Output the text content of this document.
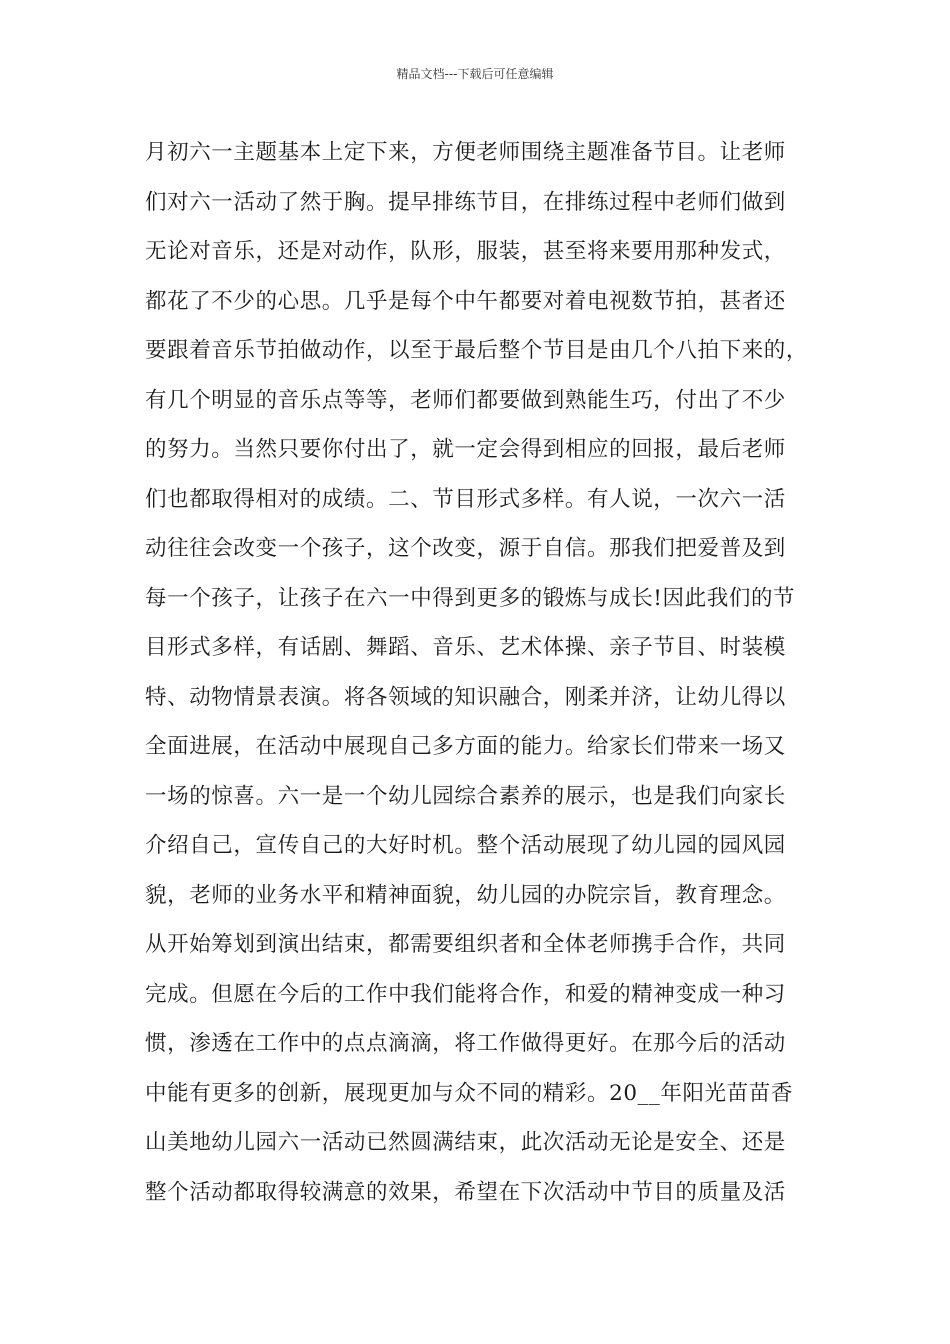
精品文档---下载后可任意编辑
月初六一主题基本上定下来，方便老师围绕主题准备节目。让老师
们对六一活动了然于胸。提早排练节目，在排练过程中老师们做到
无论对音乐，还是对动作，队形，服装，甚至将来要用那种发式，
都花了不少的心思。几乎是每个中午都要对着电视数节拍，甚者还
要跟着音乐节拍做动作，以至于最后整个节目是由几个八拍下来的，
有几个明显的音乐点等等，老师们都要做到熟能生巧，付出了不少
的努力。当然只要你付出了，就一定会得到相应的回报，最后老师
们也都取得相对的成绩。二、节目形式多样。有人说，一次六一活
动往往会改变一个孩子，这个改变，源于自信。那我们把爱普及到
每一个孩子，让孩子在六一中得到更多的锻炼与成长!因此我们的节
目形式多样，有话剧、舞蹈、音乐、艺术体操、亲子节目、时装模
特、动物情景表演。将各领域的知识融合，刚柔并济，让幼儿得以
全面进展，在活动中展现自己多方面的能力。给家长们带来一场又
一场的惊喜。六一是一个幼儿园综合素养的展示，也是我们向家长
介绍自己，宣传自己的大好时机。整个活动展现了幼儿园的园风园
貌，老师的业务水平和精神面貌，幼儿园的办院宗旨，教育理念。
从开始筹划到演出结束，都需要组织者和全体老师携手合作，共同
完成。但愿在今后的工作中我们能将合作，和爱的精神变成一种习
惯，渗透在工作中的点点滴滴，将工作做得更好。在那今后的活动
中能有更多的创新，展现更加与众不同的精彩。20__年阳光苗苗香
山美地幼儿园六一活动已然圆满结束，此次活动无论是安全、还是
整个活动都取得较满意的效果，希望在下次活动中节目的质量及活
